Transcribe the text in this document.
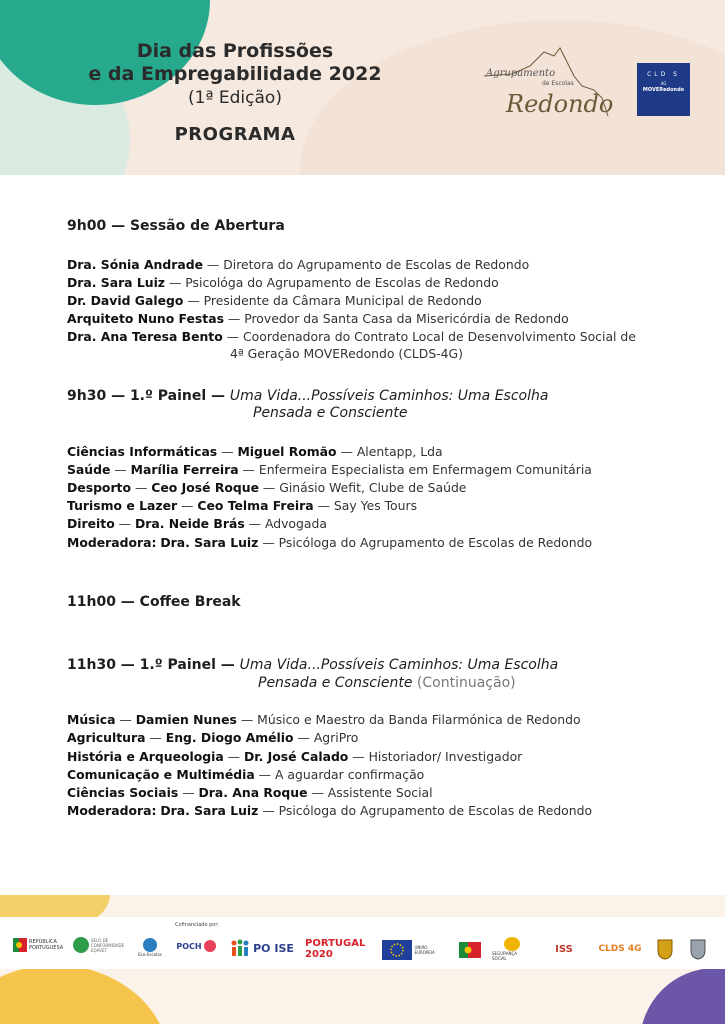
Dia das Profissões
e da Empregabilidade 2022
(1ª Edição)
PROGRAMA
Agrupamento
de Escolas
Redondo
CLD S
4G
MOVERedondo
9h00 — Sessão de Abertura
Dra. Sónia Andrade — Diretora do Agrupamento de Escolas de Redondo
Dra. Sara Luiz — Psicológa do Agrupamento de Escolas de Redondo
Dr. David Galego — Presidente da Câmara Municipal de Redondo
Arquiteto Nuno Festas — Provedor da Santa Casa da Misericórdia de Redondo
Dra. Ana Teresa Bento — Coordenadora do Contrato Local de Desenvolvimento Social de
4ª Geração MOVERedondo (CLDS-4G)
9h30 — 1.º Painel — Uma Vida...Possíveis Caminhos: Uma Escolha
Pensada e Consciente
Ciências Informáticas — Miguel Romão — Alentapp, Lda
Saúde — Marília Ferreira — Enfermeira Especialista em Enfermagem Comunitária
Desporto — Ceo José Roque — Ginásio Wefit, Clube de Saúde
Turismo e Lazer — Ceo Telma Freira — Say Yes Tours
Direito — Dra. Neide Brás — Advogada
Moderadora: Dra. Sara Luiz — Psicóloga do Agrupamento de Escolas de Redondo
11h00 — Coffee Break
11h30 — 1.º Painel — Uma Vida...Possíveis Caminhos: Uma Escolha
Pensada e Consciente (Continuação)
Música — Damien Nunes — Músico e Maestro da Banda Filarmónica de Redondo
Agricultura — Eng. Diogo Amélio — AgriPro
História e Arqueologia — Dr. José Calado — Historiador/ Investigador
Comunicação e Multimédia — A aguardar confirmação
Ciências Sociais — Dra. Ana Roque — Assistente Social
Moderadora: Dra. Sara Luiz — Psicóloga do Agrupamento de Escolas de Redondo
Cofinanciado por:
REPÚBLICA PORTUGUESA
SELO DE CONFORMIDADE EQAVET
Eco-Escolas
POCH	PO ISE PORTUGAL 2020
UNIÃO EUROPEIA	SEGURANÇA SOCIAL
ISS	CLDS 4G
